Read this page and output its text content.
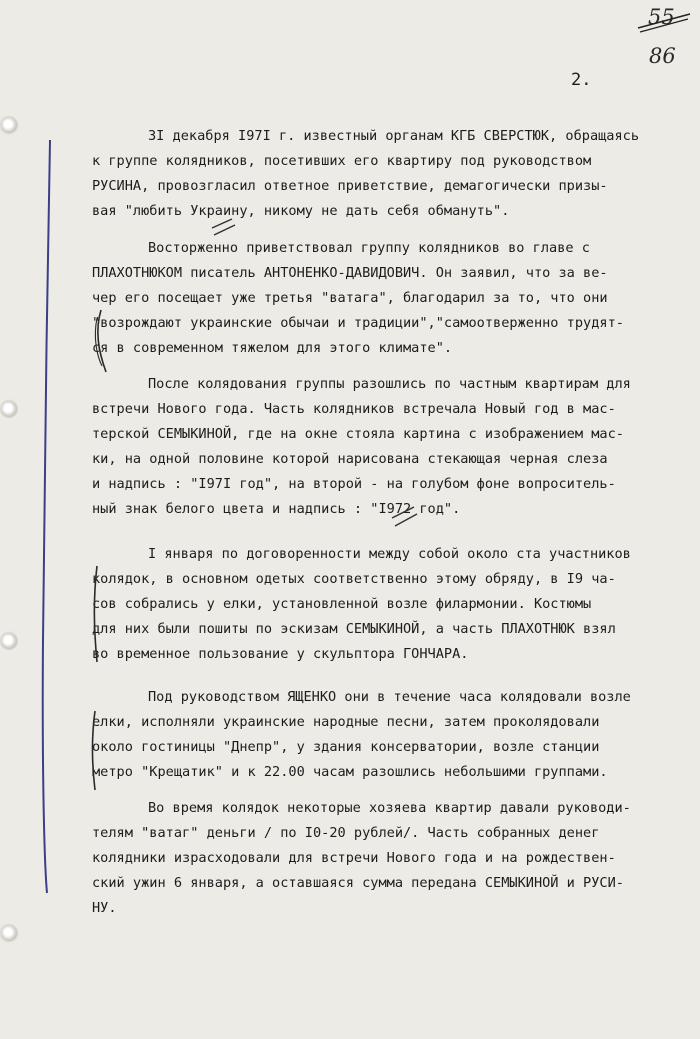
55
86
2.
3I декабря I97I г. известный органам КГБ СВЕРСТЮК, обращаясь
к группе колядников, посетивших его квартиру под руководством
РУСИНА, провозгласил ответное приветствие, демагогически призы-
вая "любить Украину, никому не дать себя обмануть".
Восторженно приветствовал группу колядников во главе с
ПЛАХОТНЮКОМ писатель АНТОНЕНКО-ДАВИДОВИЧ. Он заявил, что за ве-
чер его посещает уже третья "ватага", благодарил за то, что они
"возрождают украинские обычаи и традиции","самоотверженно трудят-
ся в современном тяжелом для этого климате".
После колядования группы разошлись по частным квартирам для
встречи Нового года. Часть колядников встречала Новый год в мас-
терской СЕМЫКИНОЙ, где на окне стояла картина с изображением мас-
ки, на одной половине которой нарисована стекающая черная слеза
и надпись : "I97I год", на второй - на голубом фоне вопроситель-
ный знак белого цвета и надпись : "I972 год".
I января по договоренности между собой около ста участников
колядок, в основном одетых соответственно этому обряду, в I9 ча-
сов собрались у елки, установленной возле филармонии. Костюмы
для них были пошиты по эскизам СЕМЫКИНОЙ, а часть ПЛАХОТНЮК взял
во временное пользование у скульптора ГОНЧАРА.
Под руководством ЯЩЕНКО они в течение часа колядовали возле
елки, исполняли украинские народные песни, затем проколядовали
около гостиницы "Днепр", у здания консерватории, возле станции
метро "Крещатик" и к 22.00 часам разошлись небольшими группами.
Во время колядок некоторые хозяева квартир давали руководи-
телям "ватаг" деньги / по I0-20 рублей/. Часть собранных денег
колядники израсходовали для встречи Нового года и на рождествен-
ский ужин 6 января, а оставшаяся сумма передана СЕМЫКИНОЙ и РУСИ-
НУ.
